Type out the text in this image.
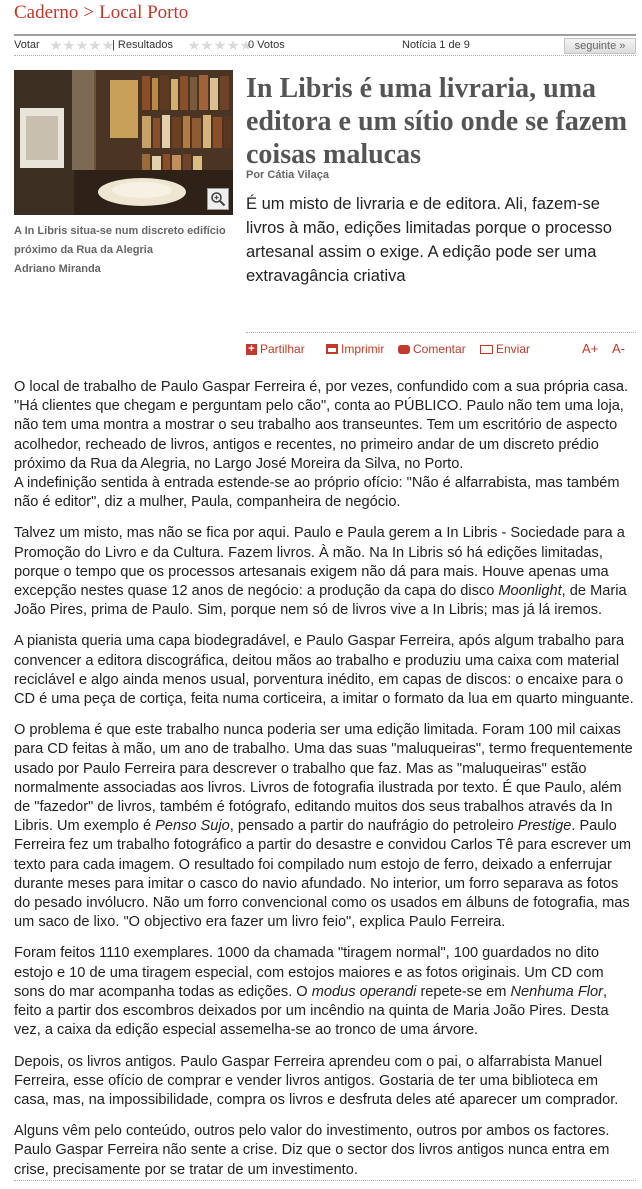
Caderno > Local Porto
Votar	| Resultados	0 Votos	Notícia 1 de 9	seguinte »
A In Libris situa-se num discreto edifício próximo da Rua da Alegria
Adriano Miranda
In Libris é uma livraria, uma editora e um sítio onde se fazem coisas malucas
Por Cátia Vilaça
É um misto de livraria e de editora. Ali, fazem-se livros à mão, edições limitadas porque o processo artesanal assim o exige. A edição pode ser uma extravagância criativa
+ Partilhar	Imprimir Comentar	Enviar	A+ A-

O local de trabalho de Paulo Gaspar Ferreira é, por vezes, confundido com a sua própria casa. "Há clientes que chegam e perguntam pelo cão", conta ao PÚBLICO. Paulo não tem uma loja, não tem uma montra a mostrar o seu trabalho aos transeuntes. Tem um escritório de aspecto acolhedor, recheado de livros, antigos e recentes, no primeiro andar de um discreto prédio próximo da Rua da Alegria, no Largo José Moreira da Silva, no Porto.

A indefinição sentida à entrada estende-se ao próprio ofício: "Não é alfarrabista, mas também não é editor", diz a mulher, Paula, companheira de negócio.

Talvez um misto, mas não se fica por aqui. Paulo e Paula gerem a In Libris - Sociedade para a Promoção do Livro e da Cultura. Fazem livros. À mão. Na In Libris só há edições limitadas, porque o tempo que os processos artesanais exigem não dá para mais. Houve apenas uma excepção nestes quase 12 anos de negócio: a produção da capa do disco Moonlight, de Maria João Pires, prima de Paulo. Sim, porque nem só de livros vive a In Libris; mas já lá iremos.

A pianista queria uma capa biodegradável, e Paulo Gaspar Ferreira, após algum trabalho para convencer a editora discográfica, deitou mãos ao trabalho e produziu uma caixa com material reciclável e algo ainda menos usual, porventura inédito, em capas de discos: o encaixe para o CD é uma peça de cortiça, feita numa corticeira, a imitar o formato da lua em quarto minguante.

O problema é que este trabalho nunca poderia ser uma edição limitada. Foram 100 mil caixas para CD feitas à mão, um ano de trabalho. Uma das suas "maluqueiras", termo frequentemente usado por Paulo Ferreira para descrever o trabalho que faz. Mas as "maluqueiras" estão normalmente associadas aos livros. Livros de fotografia ilustrada por texto. É que Paulo, além de "fazedor" de livros, também é fotógrafo, editando muitos dos seus trabalhos através da In Libris. Um exemplo é Penso Sujo, pensado a partir do naufrágio do petroleiro Prestige. Paulo Ferreira fez um trabalho fotográfico a partir do desastre e convidou Carlos Tê para escrever um texto para cada imagem. O resultado foi compilado num estojo de ferro, deixado a enferrujar durante meses para imitar o casco do navio afundado. No interior, um forro separava as fotos do pesado invólucro. Não um forro convencional como os usados em álbuns de fotografia, mas um saco de lixo. "O objectivo era fazer um livro feio", explica Paulo Ferreira.

Foram feitos 1110 exemplares. 1000 da chamada "tiragem normal", 100 guardados no dito estojo e 10 de uma tiragem especial, com estojos maiores e as fotos originais. Um CD com sons do mar acompanha todas as edições. O modus operandi repete-se em Nenhuma Flor, feito a partir dos escombros deixados por um incêndio na quinta de Maria João Pires. Desta vez, a caixa da edição especial assemelha-se ao tronco de uma árvore.

Depois, os livros antigos. Paulo Gaspar Ferreira aprendeu com o pai, o alfarrabista Manuel Ferreira, esse ofício de comprar e vender livros antigos. Gostaria de ter uma biblioteca em casa, mas, na impossibilidade, compra os livros e desfruta deles até aparecer um comprador.

Alguns vêm pelo conteúdo, outros pelo valor do investimento, outros por ambos os factores. Paulo Gaspar Ferreira não sente a crise. Diz que o sector dos livros antigos nunca entra em crise, precisamente por se tratar de um investimento.
